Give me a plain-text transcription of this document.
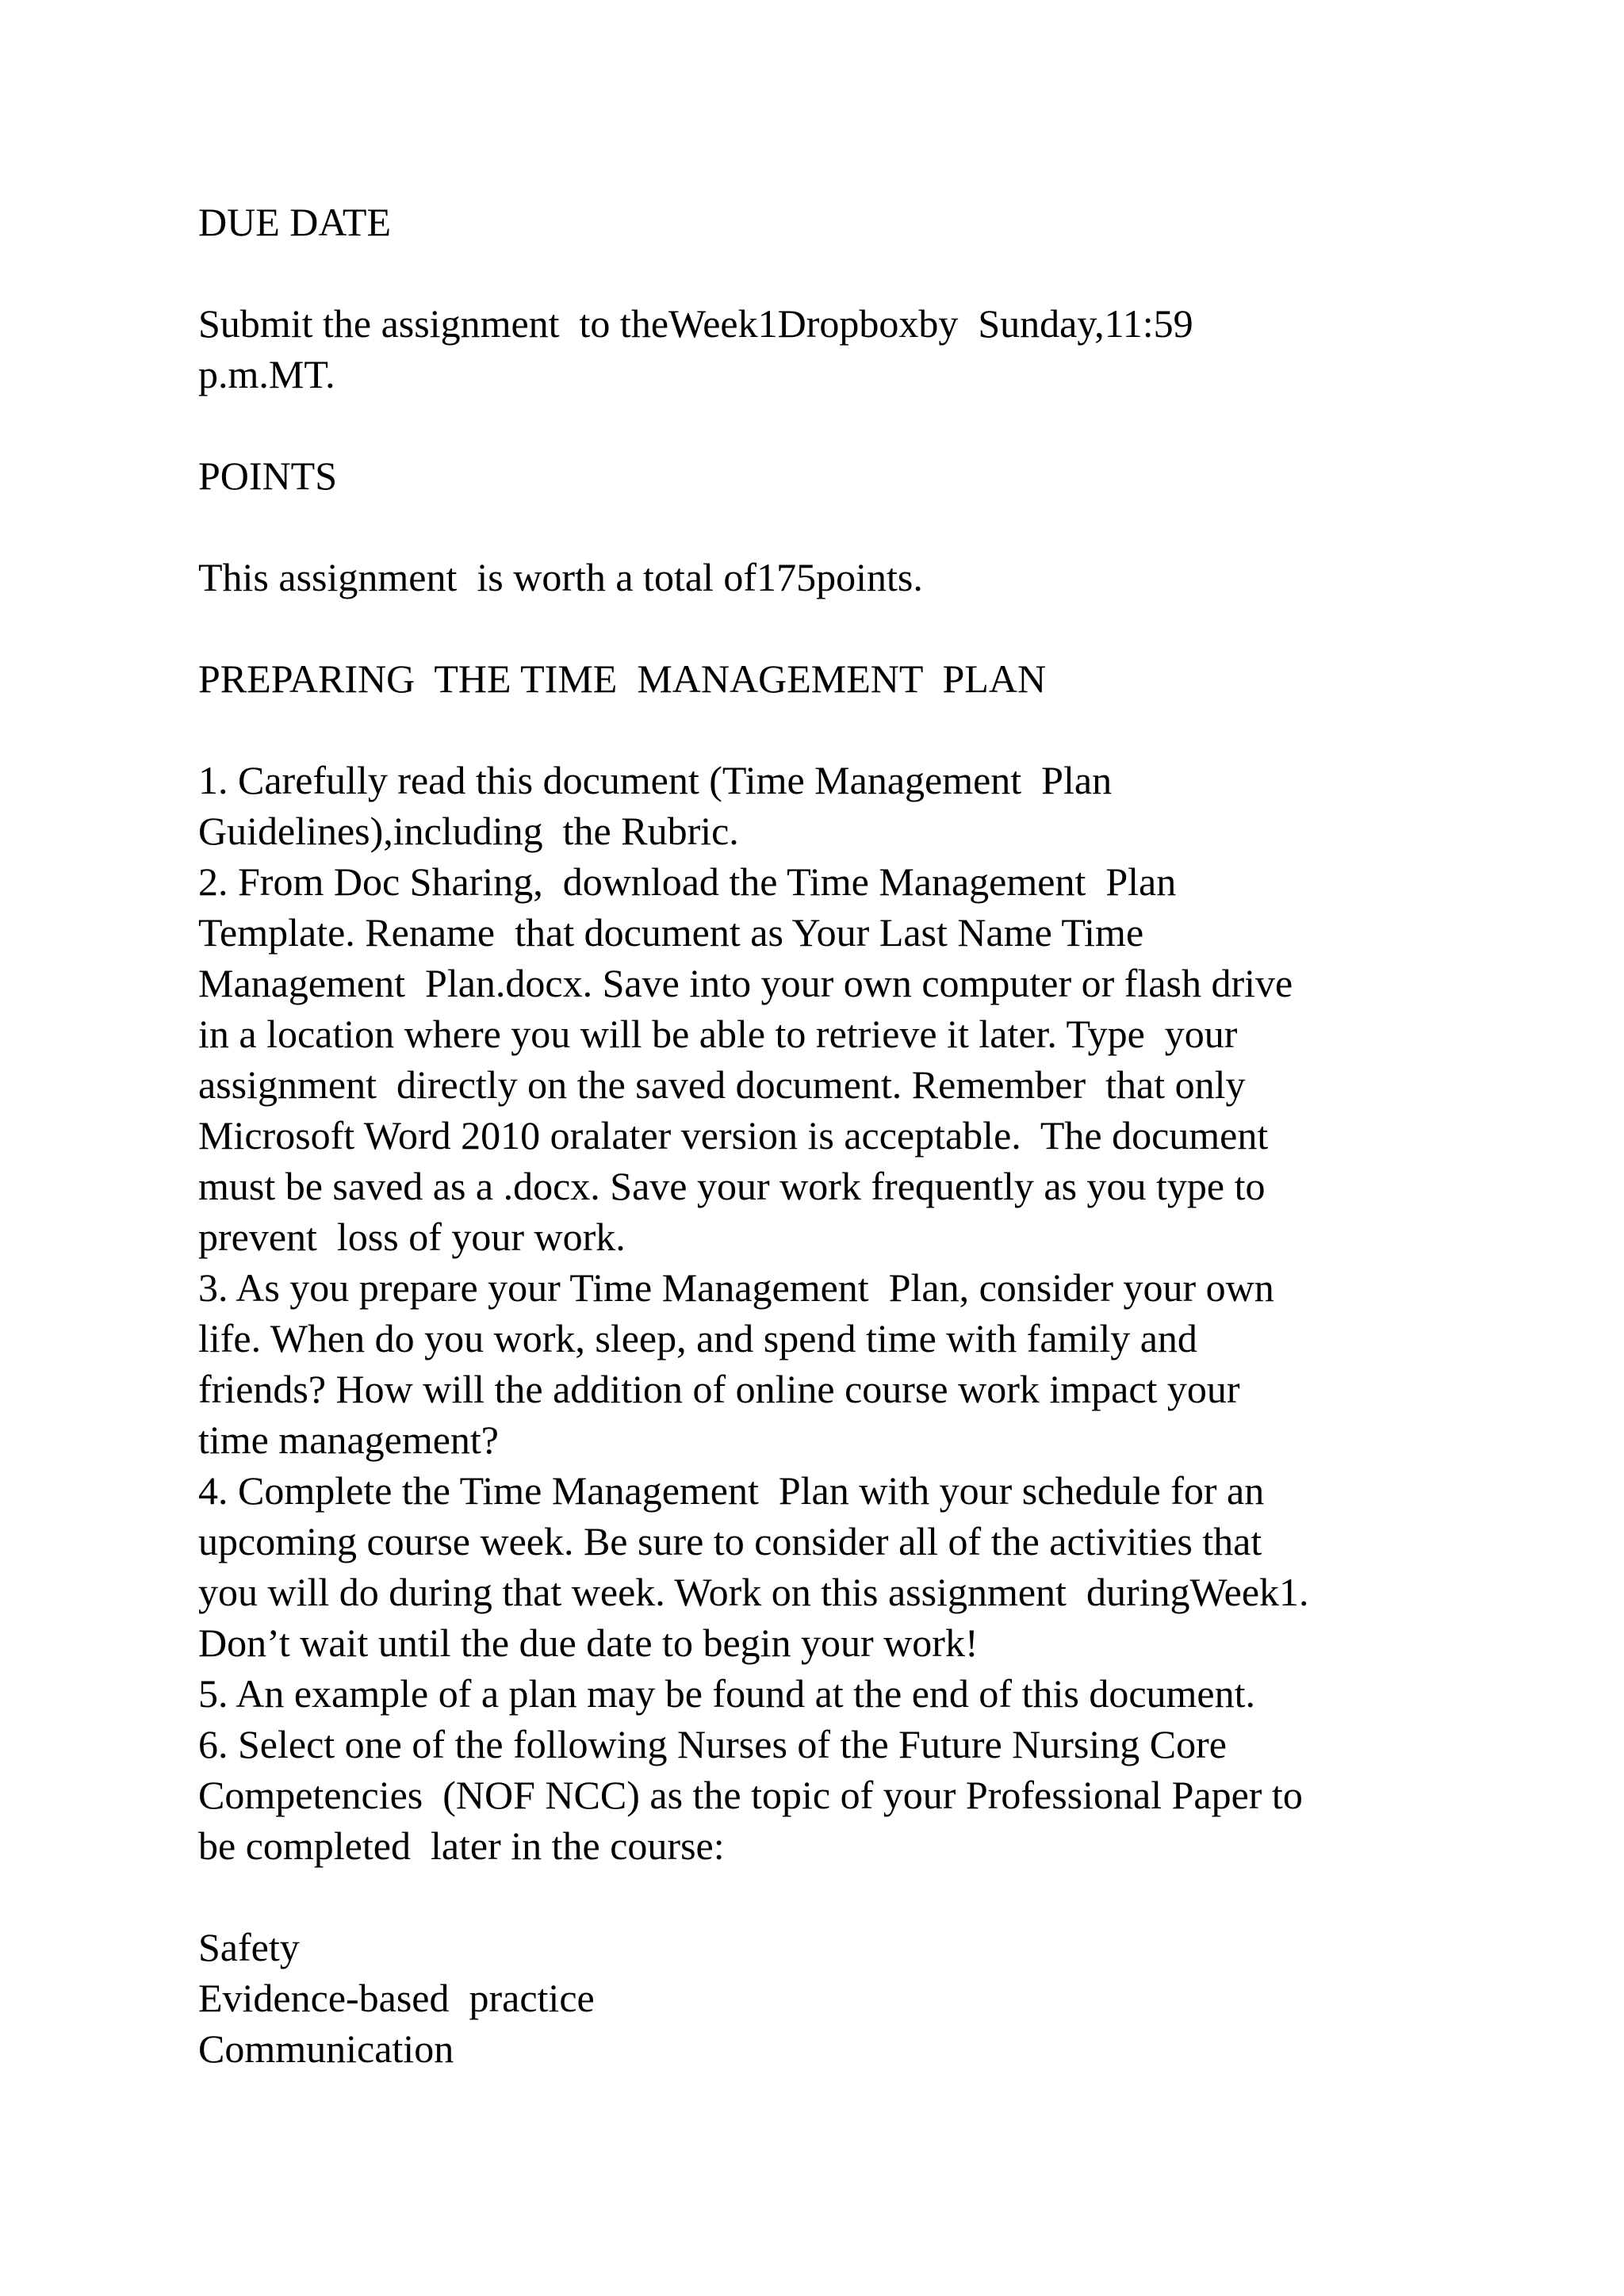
DUE DATE

Submit the assignment  to theWeek1Dropboxby  Sunday,11:59

p.m.MT.

POINTS

This assignment  is worth a total of175points.

PREPARING  THE TIME  MANAGEMENT  PLAN

1. Carefully read this document (Time Management  Plan

Guidelines),including  the Rubric.

2. From Doc Sharing,  download the Time Management  Plan

Template. Rename  that document as Your Last Name Time

Management  Plan.docx. Save into your own computer or flash drive

in a location where you will be able to retrieve it later. Type  your

assignment  directly on the saved document. Remember  that only

Microsoft Word 2010 oralater version is acceptable.  The document

must be saved as a .docx. Save your work frequently as you type to

prevent  loss of your work.

3. As you prepare your Time Management  Plan, consider your own

life. When do you work, sleep, and spend time with family and

friends? How will the addition of online course work impact your

time management?

4. Complete the Time Management  Plan with your schedule for an

upcoming course week. Be sure to consider all of the activities that

you will do during that week. Work on this assignment  duringWeek1.

Don’t wait until the due date to begin your work!

5. An example of a plan may be found at the end of this document.

6. Select one of the following Nurses of the Future Nursing Core

Competencies  (NOF NCC) as the topic of your Professional Paper to

be completed  later in the course:

Safety

Evidence-based  practice

Communication
